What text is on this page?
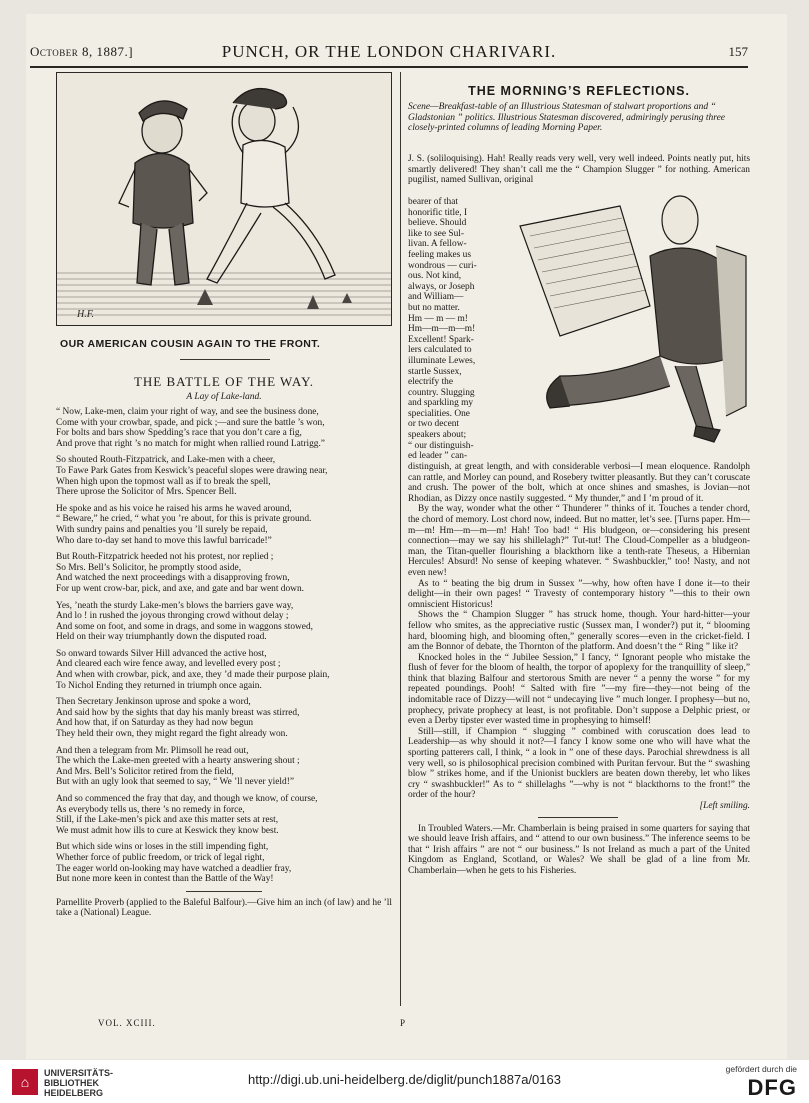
October 8, 1887.]	PUNCH, OR THE LONDON CHARIVARI.	157
H.F.
OUR AMERICAN COUSIN AGAIN TO THE FRONT.
THE BATTLE OF THE WAY.
A Lay of Lake-land.
“ Now, Lake-men, claim your right of way, and see the business done,
Come with your crowbar, spade, and pick ;—and sure the battle ’s won,
For bolts and bars show Spedding’s race that you don’t care a fig,
And prove that right ’s no match for might when rallied round Latrigg.”
So shouted Routh-Fitzpatrick, and Lake-men with a cheer,
To Fawe Park Gates from Keswick’s peaceful slopes were drawing near,
When high upon the topmost wall as if to break the spell,
There uprose the Solicitor of Mrs. Spencer Bell.
He spoke and as his voice he raised his arms he waved around,
“ Beware,” he cried, “ what you ’re about, for this is private ground.
With sundry pains and penalties you ’ll surely be repaid,
Who dare to-day set hand to move this lawful barricade!”
But Routh-Fitzpatrick heeded not his protest, nor replied ;
So Mrs. Bell’s Solicitor, he promptly stood aside,
And watched the next proceedings with a disapproving frown,
For up went crow-bar, pick, and axe, and gate and bar went down.
Yes, ’neath the sturdy Lake-men’s blows the barriers gave way,
And lo ! in rushed the joyous thronging crowd without delay ;
And some on foot, and some in drags, and some in waggons stowed,
Held on their way triumphantly down the disputed road.
So onward towards Silver Hill advanced the active host,
And cleared each wire fence away, and levelled every post ;
And when with crowbar, pick, and axe, they ’d made their purpose plain,
To Nichol Ending they returned in triumph once again.
Then Secretary Jenkinson uprose and spoke a word,
And said how by the sights that day his manly breast was stirred,
And how that, if on Saturday as they had now begun
They held their own, they might regard the fight already won.
And then a telegram from Mr. Plimsoll he read out,
The which the Lake-men greeted with a hearty answering shout ;
And Mrs. Bell’s Solicitor retired from the field,
But with an ugly look that seemed to say, “ We ’ll never yield!”
And so commenced the fray that day, and though we know, of course,
As everybody tells us, there ’s no remedy in force,
Still, if the Lake-men’s pick and axe this matter sets at rest,
We must admit how ills to cure at Keswick they know best.
But which side wins or loses in the still impending fight,
Whether force of public freedom, or trick of legal right,
The eager world on-looking may have watched a deadlier fray,
But none more keen in contest than the Battle of the Way!

Parnellite Proverb (applied to the Baleful Balfour).—Give him an inch (of law) and he ’ll take a (National) League.

THE MORNING’S REFLECTIONS.
Scene—Breakfast-table of an Illustrious Statesman of stalwart proportions and “ Gladstonian ” politics. Illustrious Statesman discovered, admiringly perusing three closely-printed columns of leading Morning Paper.

J. S. (soliloquising). Hah! Really reads very well, very well indeed. Points neatly put, hits smartly delivered! They shan’t call me the “ Champion Slugger ” for nothing. American pugilist, named Sullivan, original

bearer of that
honorific title, I
believe. Should
like to see Sul-
livan. A fellow-
feeling makes us
wondrous — curi-
ous. Not kind,
always, or Joseph
and William—
but no matter.
Hm — m — m!
Hm—m—m—m!
Excellent! Spark-
lers calculated to
illuminate Lewes,
startle Sussex,
electrify the
country. Slugging
and sparkling my
specialities. One
or two decent
speakers about;
“ our distinguish-
ed leader ” can-

distinguish, at great length, and with considerable verbosi—I mean eloquence. Randolph can rattle, and Morley can pound, and Rosebery twitter pleasantly. But they can’t coruscate and crush. The power of the bolt, which at once shines and smashes, is Jovian—not Rhodian, as Dizzy once nastily suggested. “ My thunder,” and I ’m proud of it.

By the way, wonder what the other “ Thunderer ” thinks of it. Touches a tender chord, the chord of memory. Lost chord now, indeed. But no matter, let’s see. [Turns paper. Hm—m—m! Hm—m—m—m! Hah! Too bad! “ His bludgeon, or—considering his present connection—may we say his shillelagh?” Tut-tut! The Cloud-Compeller as a bludgeon-man, the Titan-queller flourishing a blackthorn like a tenth-rate Theseus, a Hibernian Hercules! Absurd! No sense of keeping whatever. “ Swashbuckler,” too! Nasty, and not even new!

As to “ beating the big drum in Sussex ”—why, how often have I done it—to their delight—in their own pages! “ Travesty of contemporary history ”—this to their own omniscient Historicus!

Shows the “ Champion Slugger ” has struck home, though. Your hard-hitter—your fellow who smites, as the appreciative rustic (Sussex man, I wonder?) put it, “ blooming hard, blooming high, and blooming often,” generally scores—even in the cricket-field. I am the Bonnor of debate, the Thornton of the platform. And doesn’t the “ Ring ” like it?

Knocked holes in the “ Jubilee Session,” I fancy, “ Ignorant people who mistake the flush of fever for the bloom of health, the torpor of apoplexy for the tranquillity of sleep,” think that blazing Balfour and stertorous Smith are never “ a penny the worse ” for my repeated poundings. Pooh! “ Salted with fire ”—my fire—they—not being of the indomitable race of Dizzy—will not “ undecaying live ” much longer. I prophesy—but no, prophecy, private prophecy at least, is not profitable. Don’t suppose a Delphic priest, or even a Derby tipster ever wasted time in prophesying to himself!

Still—still, if Champion “ slugging ” combined with coruscation does lead to Leadership—as why should it not?—I fancy I know some one who will have what the sporting patterers call, I think, “ a look in ” one of these days. Parochial shrewdness is all very well, so is philosophical precision combined with Puritan fervour. But the “ swashing blow ” strikes home, and if the Unionist bucklers are beaten down thereby, let who likes cry “ swashbuckler!” As to “ shillelaghs ”—why is not “ blackthorns to the front!” the order of the hour?

[Left smiling.

In Troubled Waters.—Mr. Chamberlain is being praised in some quarters for saying that we should leave Irish affairs, and “ attend to our own business.” The inference seems to be that “ Irish affairs ” are not “ our business.” Is not Ireland as much a part of the United Kingdom as England, Scotland, or Wales? We shall be glad of a line from Mr. Chamberlain—when he gets to his Fisheries.

VOL. XCIII.	P
⌂
UNIVERSITÄTS-
BIBLIOTHEK
HEIDELBERG
http://digi.ub.uni-heidelberg.de/diglit/punch1887a/0163
gefördert durch die
DFG
